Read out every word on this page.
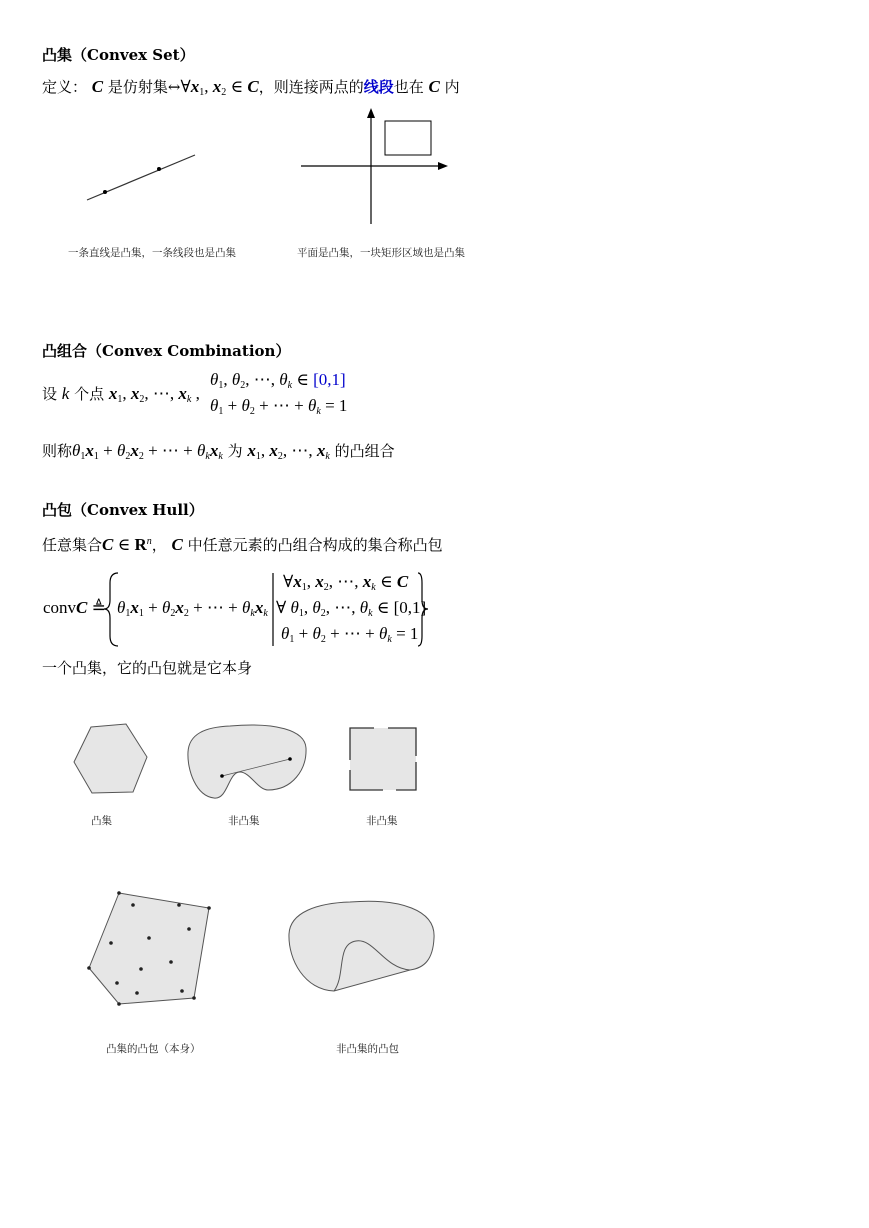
凸集（Convex Set）
定义： C 是仿射集$\leftrightarrow\forall x_1$, $x_2$ ∈ C，则连接两点的线段也在 C 内
一条直线是凸集，一条线段也是凸集	平面是凸集，一块矩形区域也是凸集
凸组合（Convex Combination）
设 k 个点 $x_1$, $x_2$, ⋯, $x_k$ ,
$\theta_1$, $\theta_2$, ⋯, $\theta_k$ ∈ [0,1]
$\theta_1 + \theta_2$ + ⋯ + $\theta_k = 1$
则称$\theta_1x_1 + \theta_2x_2$ + ⋯ + $\theta_kx_k$ 为 $x_1$, $x_2$, ⋯, $x_k$ 的凸组合
凸包（Convex Hull）
任意集合C ∈ $R^n$， C 中任意元素的凸组合构成的集合称凸包
convC ≜ $\theta_1x_1 + \theta_2x_2$ + ⋯ + $\theta_kx_k$
$\forall x_1$, $x_2$, ⋯, $x_k$ ∈ C
∀ $\theta_1$, $\theta_2$, ⋯, $\theta_k$ ∈ [0,1]
$\theta_1 + \theta_2$ + ⋯ + $\theta_k = 1$
一个凸集，它的凸包就是它本身
凸集	非凸集	非凸集
凸集的凸包（本身）	非凸集的凸包
